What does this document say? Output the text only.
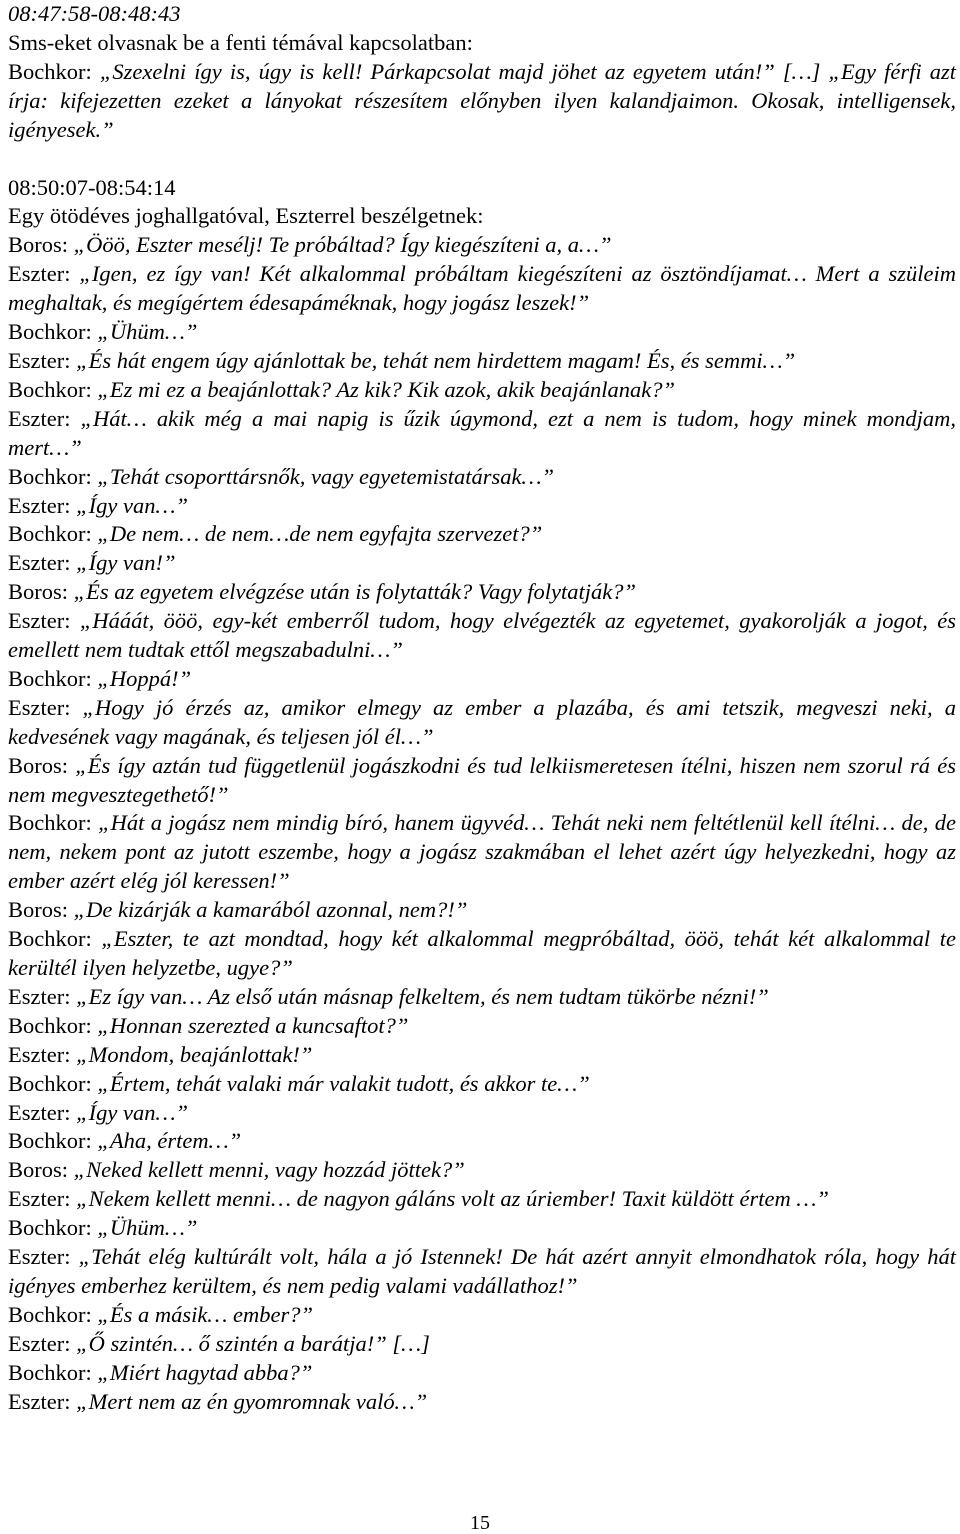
08:47:58-08:48:43

Sms-eket olvasnak be a fenti témával kapcsolatban:

Bochkor: „Szexelni így is, úgy is kell! Párkapcsolat majd jöhet az egyetem után!” […] „Egy férfi azt írja: kifejezetten ezeket a lányokat részesítem előnyben ilyen kalandjaimon. Okosak, intelligensek, igényesek.”

08:50:07-08:54:14

Egy ötödéves joghallgatóval, Eszterrel beszélgetnek:

Boros: „Ööö, Eszter mesélj! Te próbáltad? Így kiegészíteni a, a…”

Eszter: „Igen, ez így van! Két alkalommal próbáltam kiegészíteni az ösztöndíjamat… Mert a szüleim meghaltak, és megígértem édesapáméknak, hogy jogász leszek!”

Bochkor: „Ühüm…”

Eszter: „És hát engem úgy ajánlottak be, tehát nem hirdettem magam! És, és semmi…”

Bochkor: „Ez mi ez a beajánlottak? Az kik? Kik azok, akik beajánlanak?”

Eszter: „Hát… akik még a mai napig is űzik úgymond, ezt a nem is tudom, hogy minek mondjam, mert…”

Bochkor: „Tehát csoporttársnők, vagy egyetemistatársak…”

Eszter: „Így van…”

Bochkor: „De nem… de nem…de nem egyfajta szervezet?”

Eszter: „Így van!”

Boros: „És az egyetem elvégzése után is folytatták? Vagy folytatják?”

Eszter: „Hááát, ööö, egy-két emberről tudom, hogy elvégezték az egyetemet, gyakorolják a jogot, és emellett nem tudtak ettől megszabadulni…”

Bochkor: „Hoppá!”

Eszter: „Hogy jó érzés az, amikor elmegy az ember a plazába, és ami tetszik, megveszi neki, a kedvesének vagy magának, és teljesen jól él…”

Boros: „És így aztán tud függetlenül jogászkodni és tud lelkiismeretesen ítélni, hiszen nem szorul rá és nem megvesztegethető!”

Bochkor: „Hát a jogász nem mindig bíró, hanem ügyvéd… Tehát neki nem feltétlenül kell ítélni… de, de nem, nekem pont az jutott eszembe, hogy a jogász szakmában el lehet azért úgy helyezkedni, hogy az ember azért elég jól keressen!”

Boros: „De kizárják a kamarából azonnal, nem?!”

Bochkor: „Eszter, te azt mondtad, hogy két alkalommal megpróbáltad, ööö, tehát két alkalommal te kerültél ilyen helyzetbe, ugye?”

Eszter: „Ez így van… Az első után másnap felkeltem, és nem tudtam tükörbe nézni!”

Bochkor: „Honnan szerezted a kuncsaftot?”

Eszter: „Mondom, beajánlottak!”

Bochkor: „Értem, tehát valaki már valakit tudott, és akkor te…”

Eszter: „Így van…”

Bochkor: „Aha, értem…”

Boros: „Neked kellett menni, vagy hozzád jöttek?”

Eszter: „Nekem kellett menni… de nagyon gáláns volt az úriember! Taxit küldött értem …”

Bochkor: „Ühüm…”

Eszter: „Tehát elég kultúrált volt, hála a jó Istennek! De hát azért annyit elmondhatok róla, hogy hát igényes emberhez kerültem, és nem pedig valami vadállathoz!”

Bochkor: „És a másik… ember?”

Eszter: „Ő szintén… ő szintén a barátja!” […]

Bochkor: „Miért hagytad abba?”

Eszter: „Mert nem az én gyomromnak való…”

15
